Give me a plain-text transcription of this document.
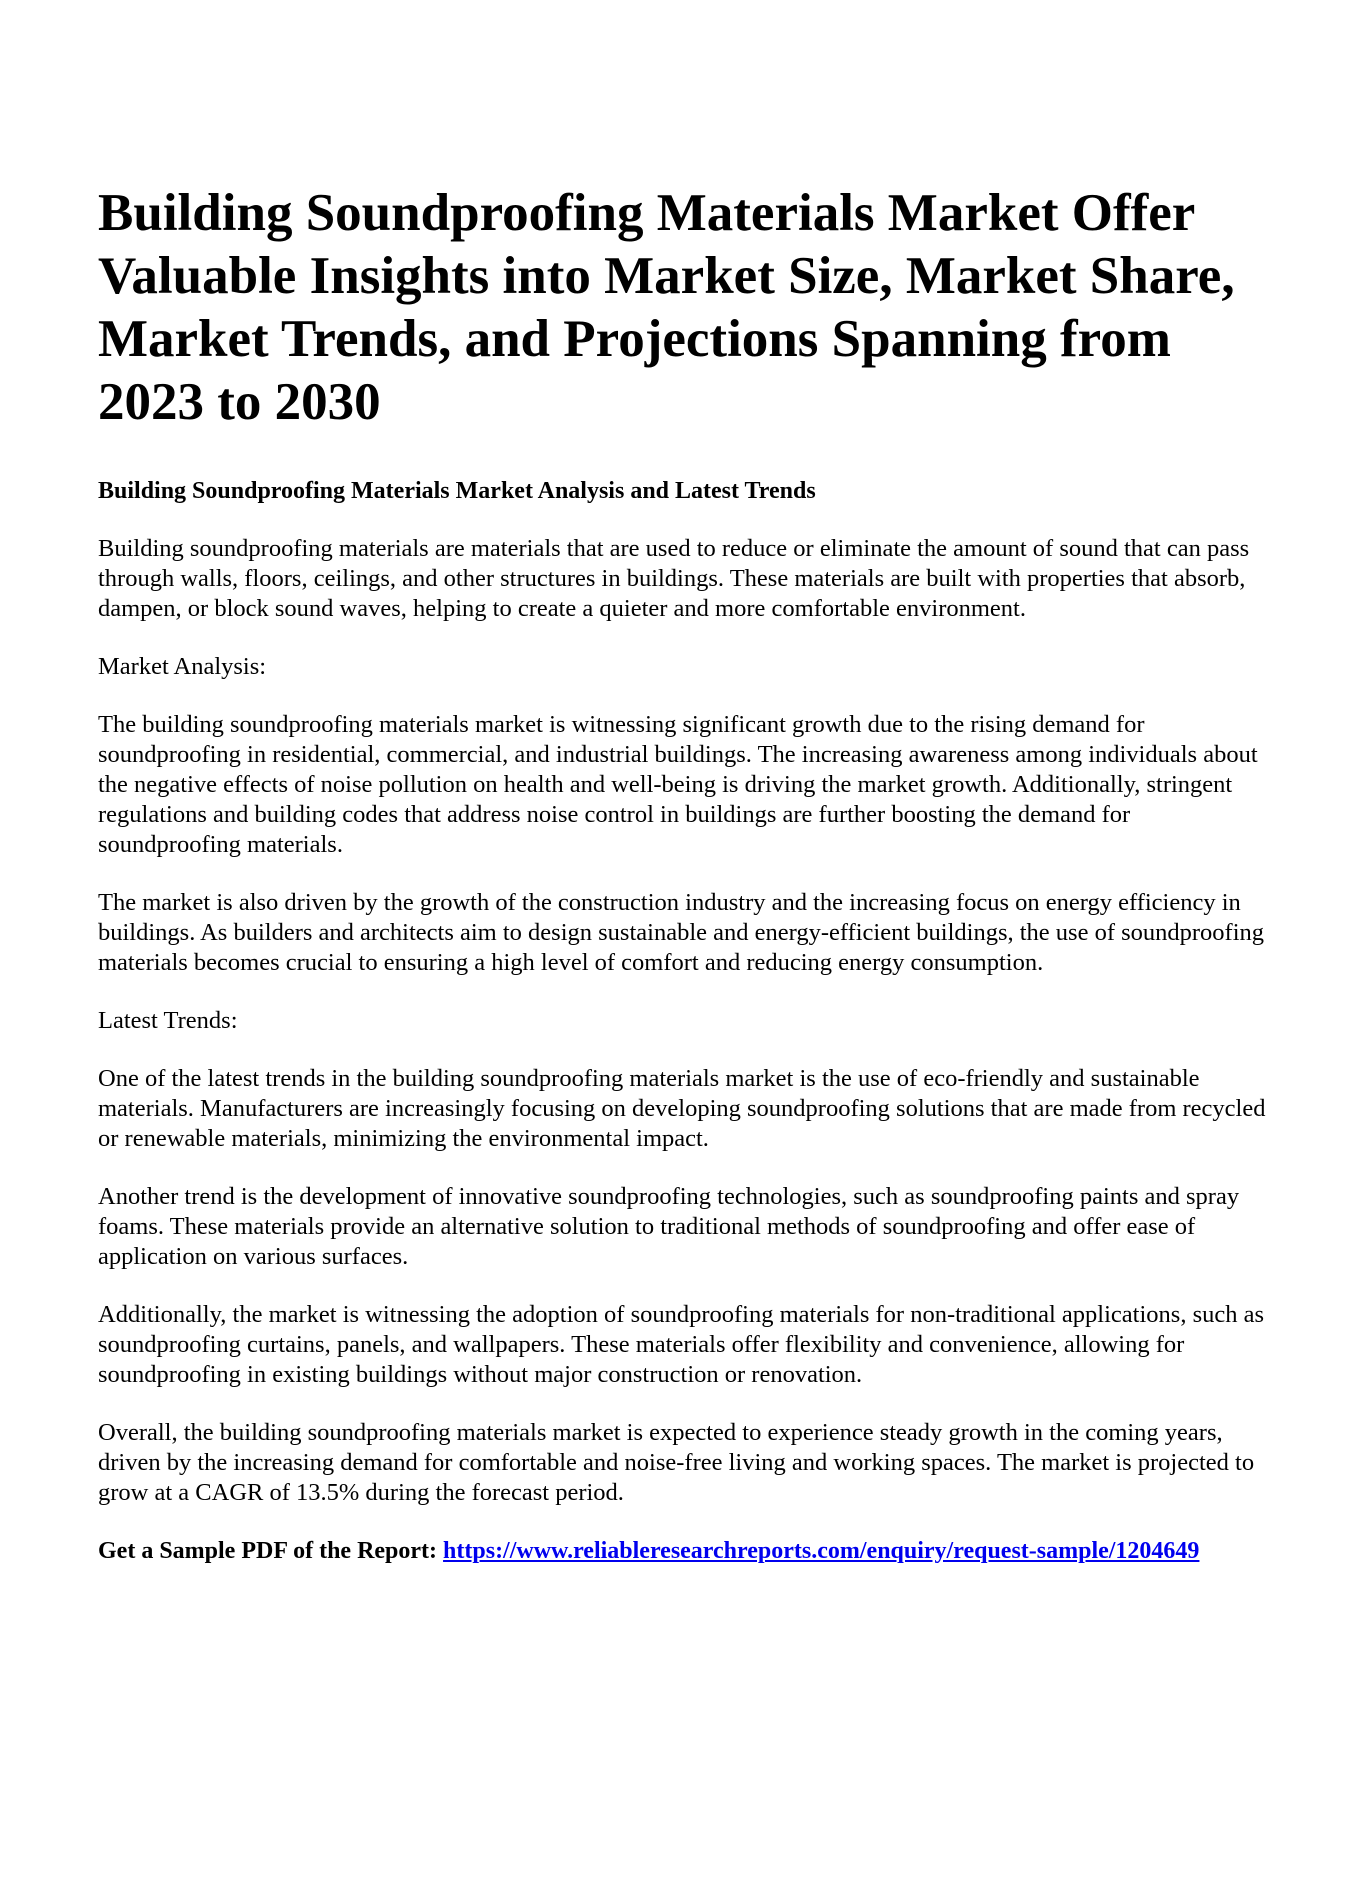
Building Soundproofing Materials Market Offer Valuable Insights into Market Size, Market Share, Market Trends, and Projections Spanning from 2023 to 2030
Building Soundproofing Materials Market Analysis and Latest Trends

Building soundproofing materials are materials that are used to reduce or eliminate the amount of sound that can pass through walls, floors, ceilings, and other structures in buildings. These materials are built with properties that absorb, dampen, or block sound waves, helping to create a quieter and more comfortable environment.

Market Analysis:

The building soundproofing materials market is witnessing significant growth due to the rising demand for soundproofing in residential, commercial, and industrial buildings. The increasing awareness among individuals about the negative effects of noise pollution on health and well-being is driving the market growth. Additionally, stringent regulations and building codes that address noise control in buildings are further boosting the demand for soundproofing materials.

The market is also driven by the growth of the construction industry and the increasing focus on energy efficiency in buildings. As builders and architects aim to design sustainable and energy-efficient buildings, the use of soundproofing materials becomes crucial to ensuring a high level of comfort and reducing energy consumption.

Latest Trends:

One of the latest trends in the building soundproofing materials market is the use of eco-friendly and sustainable materials. Manufacturers are increasingly focusing on developing soundproofing solutions that are made from recycled or renewable materials, minimizing the environmental impact.

Another trend is the development of innovative soundproofing technologies, such as soundproofing paints and spray foams. These materials provide an alternative solution to traditional methods of soundproofing and offer ease of application on various surfaces.

Additionally, the market is witnessing the adoption of soundproofing materials for non-traditional applications, such as soundproofing curtains, panels, and wallpapers. These materials offer flexibility and convenience, allowing for soundproofing in existing buildings without major construction or renovation.

Overall, the building soundproofing materials market is expected to experience steady growth in the coming years, driven by the increasing demand for comfortable and noise-free living and working spaces. The market is projected to grow at a CAGR of 13.5% during the forecast period.

Get a Sample PDF of the Report: https://www.reliableresearchreports.com/enquiry/request-sample/1204649
